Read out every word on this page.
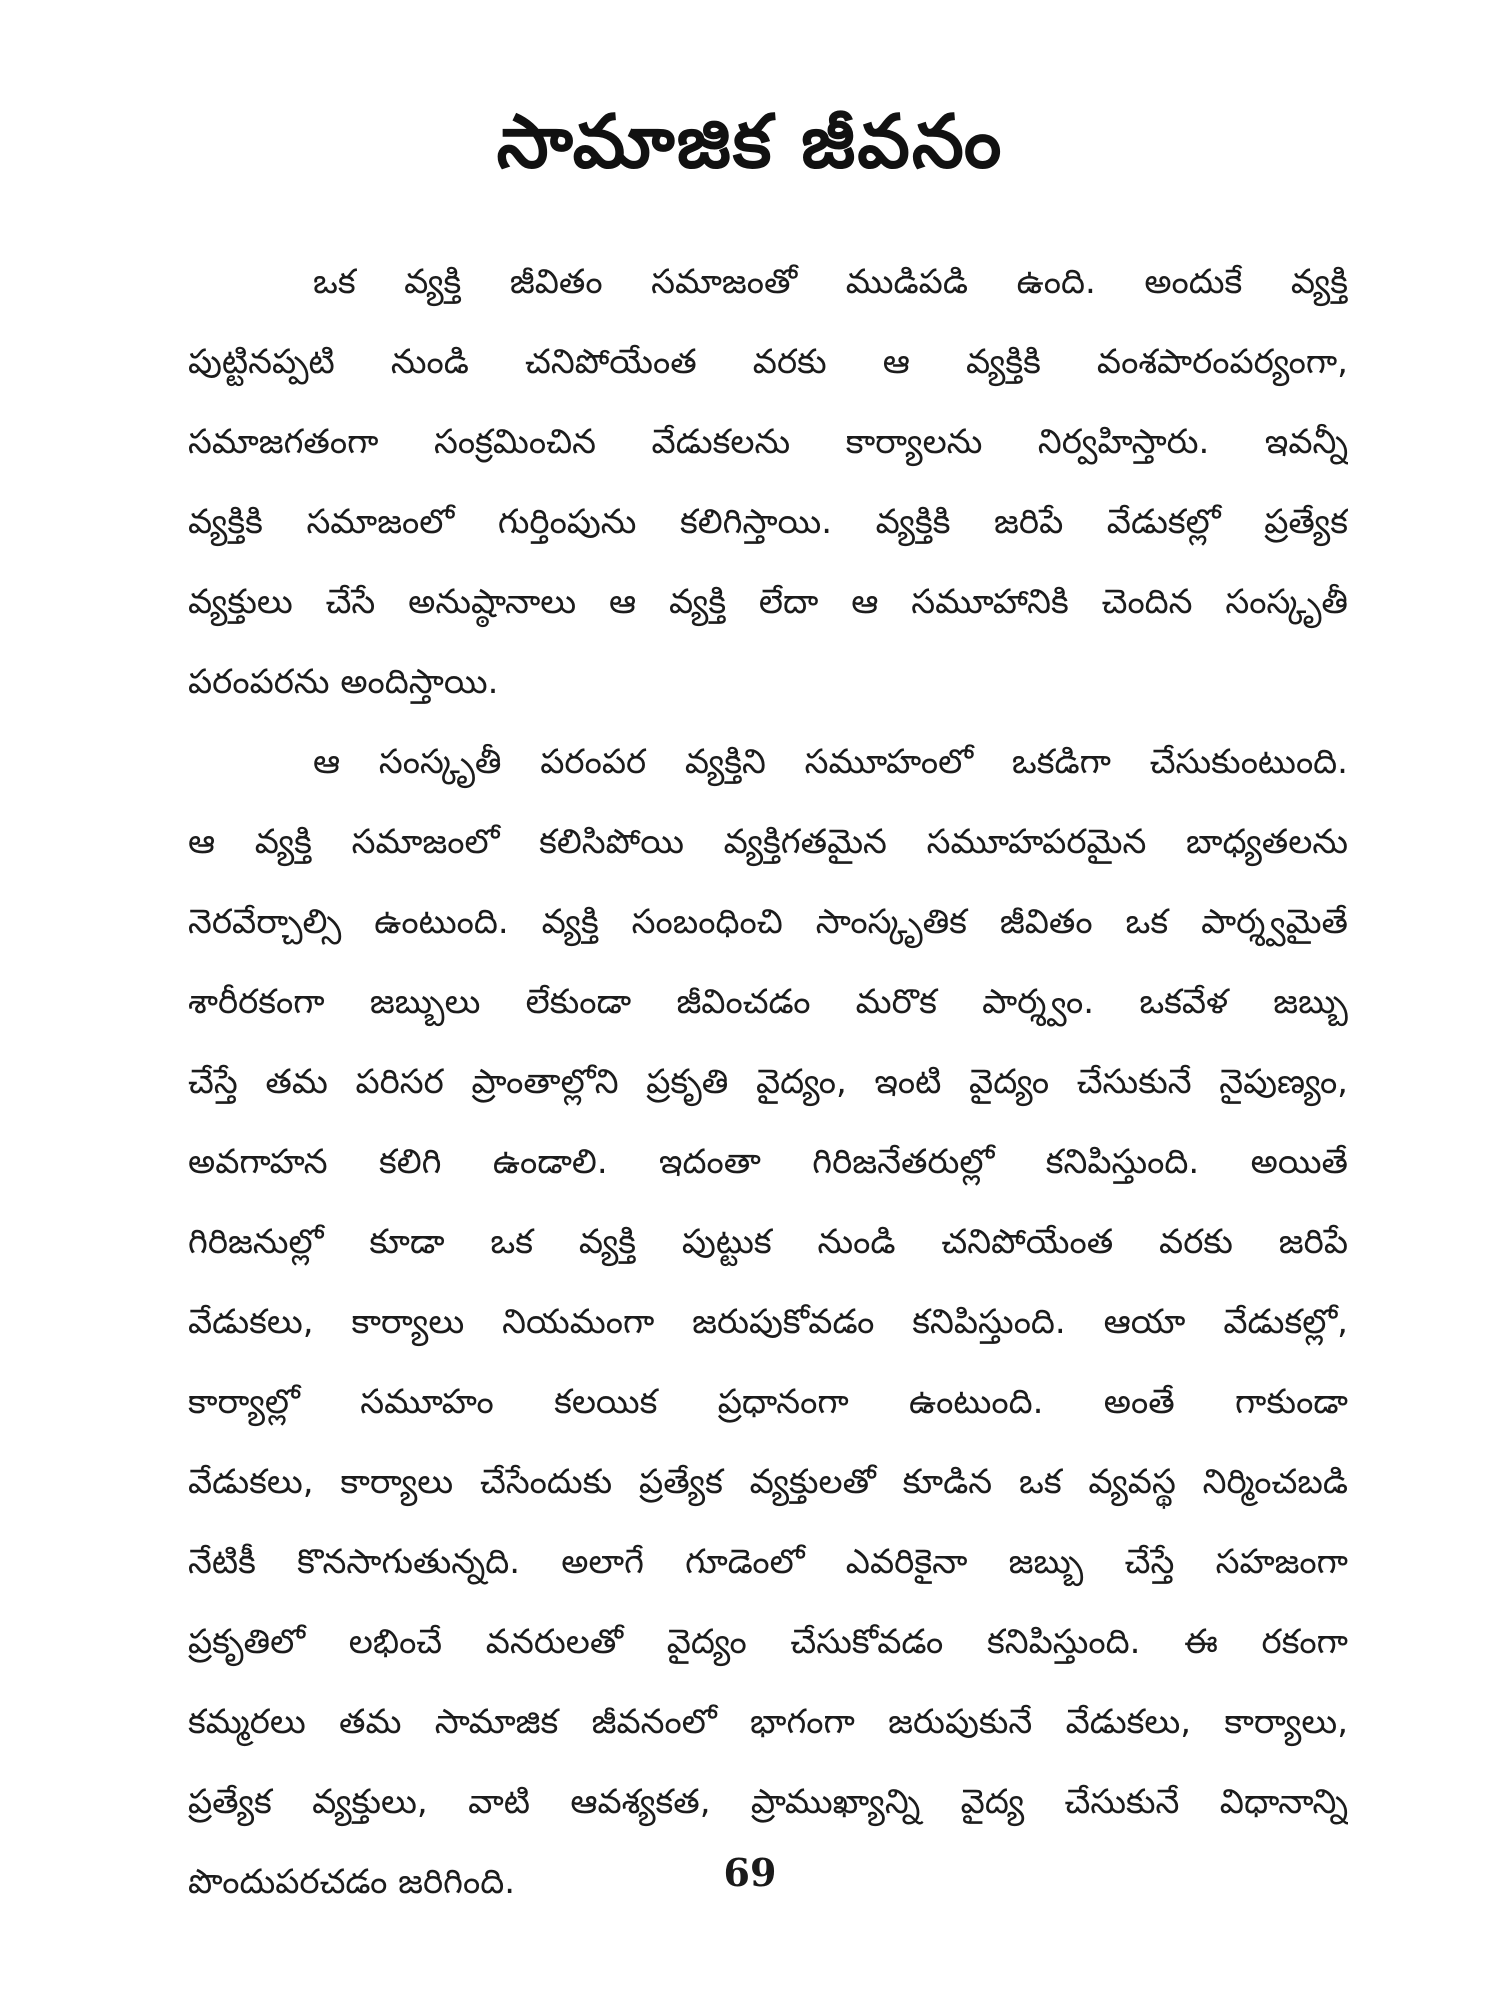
సామాజిక జీవనం
ఒక వ్యక్తి జీవితం సమాజంతో ముడిపడి ఉంది. అందుకే వ్యక్తి
పుట్టినప్పటి నుండి చనిపోయేంత వరకు ఆ వ్యక్తికి వంశపారంపర్యంగా,
సమాజగతంగా సంక్రమించిన వేడుకలను కార్యాలను నిర్వహిస్తారు. ఇవన్నీ
వ్యక్తికి సమాజంలో గుర్తింపును కలిగిస్తాయి. వ్యక్తికి జరిపే వేడుకల్లో ప్రత్యేక
వ్యక్తులు చేసే అనుష్ఠానాలు ఆ వ్యక్తి లేదా ఆ సమూహానికి చెందిన సంస్కృతీ
పరంపరను అందిస్తాయి.
ఆ సంస్కృతీ పరంపర వ్యక్తిని సమూహంలో ఒకడిగా చేసుకుంటుంది.
ఆ వ్యక్తి సమాజంలో కలిసిపోయి వ్యక్తిగతమైన సమూహపరమైన బాధ్యతలను
నెరవేర్చాల్సి ఉంటుంది. వ్యక్తి సంబంధించి సాంస్కృతిక జీవితం ఒక పార్శ్వమైతే
శారీరకంగా జబ్బులు లేకుండా జీవించడం మరొక పార్శ్వం. ఒకవేళ జబ్బు
చేస్తే తమ పరిసర ప్రాంతాల్లోని ప్రకృతి వైద్యం, ఇంటి వైద్యం చేసుకునే నైపుణ్యం,
అవగాహన కలిగి ఉండాలి. ఇదంతా గిరిజనేతరుల్లో కనిపిస్తుంది. అయితే
గిరిజనుల్లో కూడా ఒక వ్యక్తి పుట్టుక నుండి చనిపోయేంత వరకు జరిపే
వేడుకలు, కార్యాలు నియమంగా జరుపుకోవడం కనిపిస్తుంది. ఆయా వేడుకల్లో,
కార్యాల్లో సమూహం కలయిక ప్రధానంగా ఉంటుంది. అంతే గాకుండా
వేడుకలు, కార్యాలు చేసేందుకు ప్రత్యేక వ్యక్తులతో కూడిన ఒక వ్యవస్థ నిర్మించబడి
నేటికీ కొనసాగుతున్నది. అలాగే గూడెంలో ఎవరికైనా జబ్బు చేస్తే సహజంగా
ప్రకృతిలో లభించే వనరులతో వైద్యం చేసుకోవడం కనిపిస్తుంది. ఈ రకంగా
కమ్మరలు తమ సామాజిక జీవనంలో భాగంగా జరుపుకునే వేడుకలు, కార్యాలు,
ప్రత్యేక వ్యక్తులు, వాటి ఆవశ్యకత, ప్రాముఖ్యాన్ని వైద్య చేసుకునే విధానాన్ని
పొందుపరచడం జరిగింది.	69
